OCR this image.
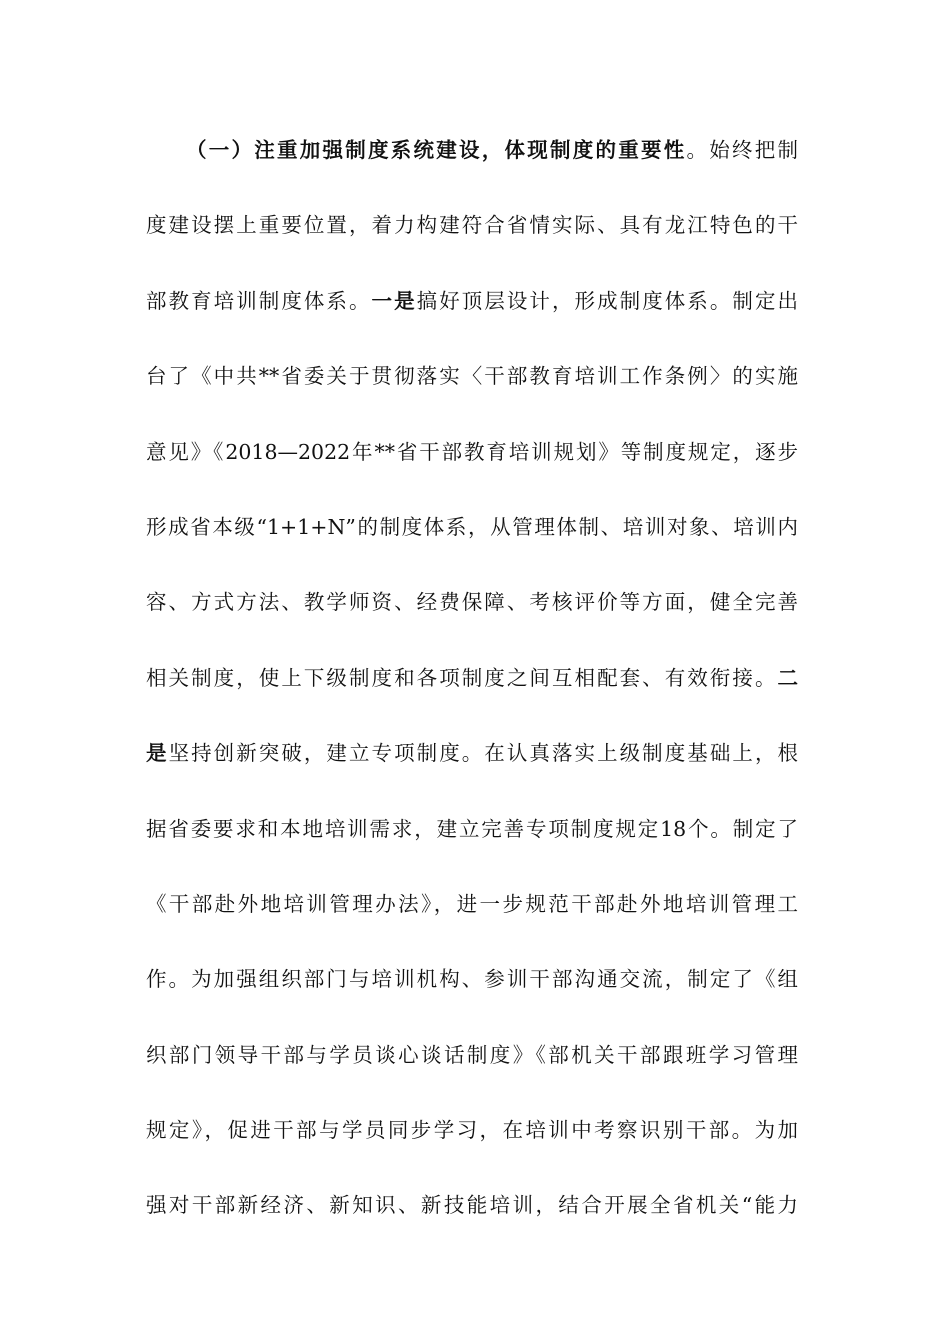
（一）注重加强制度系统建设，体现制度的重要性。始终把制
度建设摆上重要位置，着力构建符合省情实际、具有龙江特色的干
部教育培训制度体系。一是搞好顶层设计，形成制度体系。制定出
台了《中共**省委关于贯彻落实〈干部教育培训工作条例〉的实施
意见》《2018—2022年**省干部教育培训规划》等制度规定，逐步
形成省本级“1+1+N”的制度体系，从管理体制、培训对象、培训内
容、方式方法、教学师资、经费保障、考核评价等方面，健全完善
相关制度，使上下级制度和各项制度之间互相配套、有效衔接。二
是坚持创新突破，建立专项制度。在认真落实上级制度基础上，根
据省委要求和本地培训需求，建立完善专项制度规定18个。制定了
《干部赴外地培训管理办法》，进一步规范干部赴外地培训管理工
作。为加强组织部门与培训机构、参训干部沟通交流，制定了《组
织部门领导干部与学员谈心谈话制度》《部机关干部跟班学习管理
规定》，促进干部与学员同步学习，在培训中考察识别干部。为加
强对干部新经济、新知识、新技能培训，结合开展全省机关“能力
